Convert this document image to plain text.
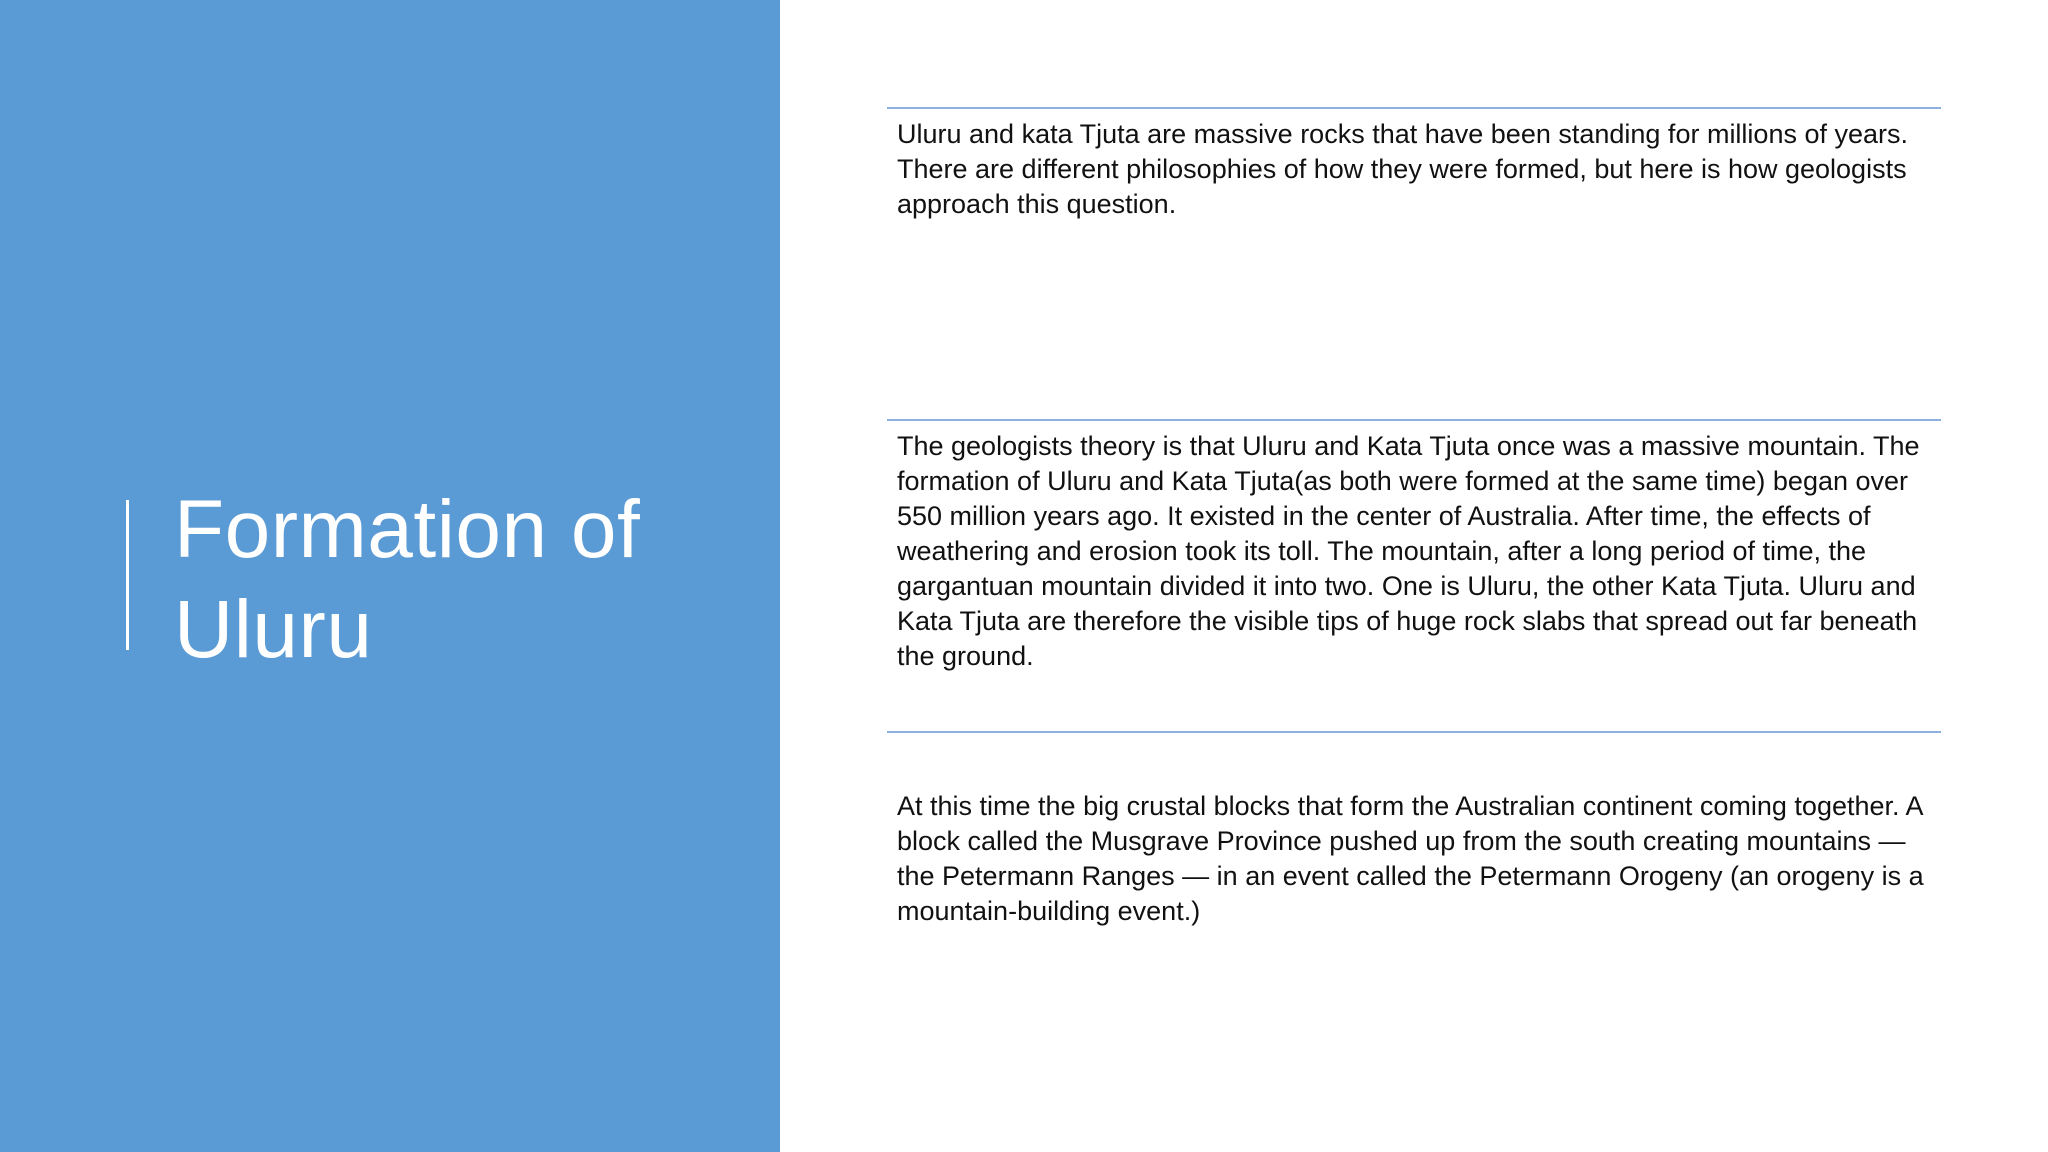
Formation of Uluru

Uluru and kata Tjuta are massive rocks that have been standing for millions of years. There are different philosophies of how they were formed, but here is how geologists approach this question.

The geologists theory is that Uluru and Kata Tjuta once was a massive mountain. The formation of Uluru and Kata Tjuta(as both were formed at the same time) began over 550 million years ago. It existed in the center of Australia. After time, the effects of weathering and erosion took its toll. The mountain, after a long period of time, the gargantuan mountain divided it into two. One is Uluru, the other Kata Tjuta. Uluru and Kata Tjuta are therefore the visible tips of huge rock slabs that spread out far beneath the ground.

At this time the big crustal blocks that form the Australian continent coming together. A block called the Musgrave Province pushed up from the south creating mountains — the Petermann Ranges — in an event called the Petermann Orogeny (an orogeny is a mountain-building event.)
